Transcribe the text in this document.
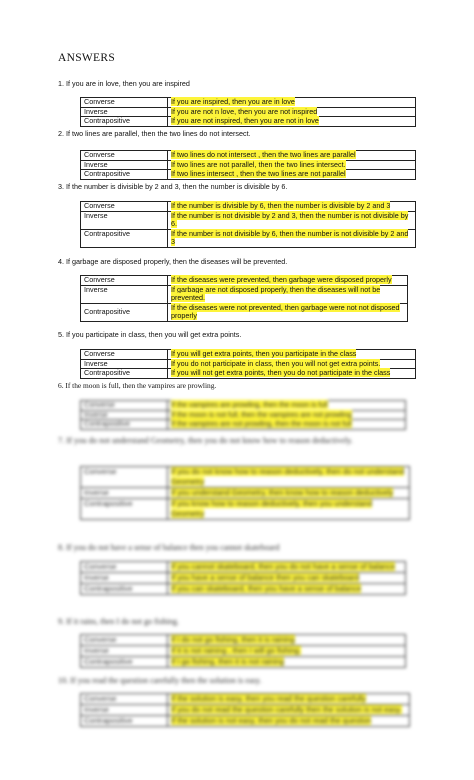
ANSWERS
1. If you are in love, then you are inspired
Converse	If you are inspired, then you are in love
Inverse	If you are not n love, then you are not inspired
Contrapositive	If you are not inspired, then you are not in love
2. If two lines are parallel, then the two lines do not intersect.
Converse	If two lines do not intersect , then the two lines are parallel
Inverse	If two lines are not parallel, then the two lines intersect.
Contrapositive	If two lines intersect , then the two lines are not parallel
3. If the number is divisible by 2 and 3, then the number is divisible by 6.
Converse	If the number is divisible by 6, then the number is divisible by 2 and 3
Inverse	If the number is not divisible by 2 and 3, then the number is not divisible by 6.
Contrapositive	If the number is not divisible by 6, then the number is not divisible by 2 and 3
4. If garbage are disposed properly, then the diseases will be prevented.
Converse	If the diseases were prevented, then garbage were disposed properly
Inverse	If garbage are not disposed properly, then the diseases will not be prevented.
Contrapositive	If the diseases were not prevented, then garbage were not not disposed properly
5. If you participate in class, then you will get extra points.
Converse	If you will get extra points, then you participate in the class
Inverse	If you do not participate in class, then you will not get extra points.
Contrapositive	If you will not get extra points, then you do not participate in the class
6. If the moon is full, then the vampires are prowling.
Converse	If the vampires are prowling, then the moon is full
Inverse	If the moon is not full, then the vampires are not prowling
Contrapositive	If the vampires are not prowling, then the moon is not full
7. If you do not understand Geometry, then you do not know how to reason deductively.
Converse	If you do not know how to reason deductively, then do not understand Geometry
Inverse	If you understand Geometry, then know how to reason deductively
Contrapositive	If you know how to reason deductively, then you understand Geometry
8. If you do not have a sense of balance then you cannot skateboard
Converse	If you cannot skateboard, then you do not have a sense of balance
Inverse	If you have a sense of balance then you can skateboard
Contrapositive	If you can skateboard, then you have a sense of balance
9. If it rains, then I do not go fishing.
Converse	If I do not go fishing, then it is raining
Inverse	If it is not raining , then I will go fishing.
Contrapositive	If I go fishing, then it is not raining
10. If you read the question carefully then the solution is easy.
Converse	If the solution is easy, then you read the question carefully
Inverse	If you do not read the question carefully then the solution is not easy.
Contrapositive	If the solution is not easy, then you do not read the question
